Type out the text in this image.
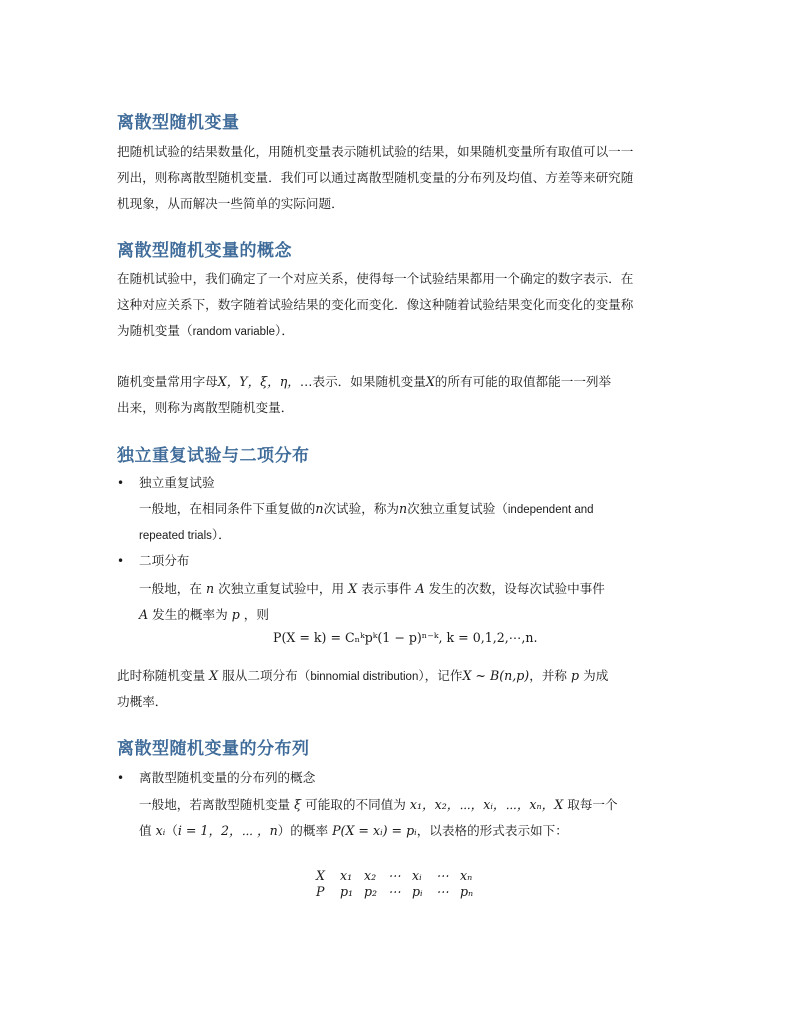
离散型随机变量

把随机试验的结果数量化，用随机变量表示随机试验的结果，如果随机变量所有取值可以一一

列出，则称离散型随机变量．我们可以通过离散型随机变量的分布列及均值、方差等来研究随

机现象，从而解决一些简单的实际问题．

离散型随机变量的概念

在随机试验中，我们确定了一个对应关系，使得每一个试验结果都用一个确定的数字表示．在

这种对应关系下，数字随着试验结果的变化而变化．像这种随着试验结果变化而变化的变量称

为随机变量（random variable）．

随机变量常用字母X，Y，ξ，η，…表示．如果随机变量X的所有可能的取值都能一一列举

出来，则称为离散型随机变量．

独立重复试验与二项分布
• 独立重复试验
一般地，在相同条件下重复做的n次试验，称为n次独立重复试验（independent and
repeated trials）．
• 二项分布
一般地，在 n 次独立重复试验中，用 X 表示事件 A 发生的次数，设每次试验中事件
A 发生的概率为 p ，则
P(X = k) = Cₙᵏpᵏ(1 − p)ⁿ⁻ᵏ, k = 0,1,2,⋯,n.

此时称随机变量 X 服从二项分布（binnomial distribution），记作X ~ B(n,p)，并称 p 为成

功概率．

离散型随机变量的分布列
• 离散型随机变量的分布列的概念
一般地，若离散型随机变量 ξ 可能取的不同值为 x₁，x₂，⋯，xᵢ，⋯，xₙ，X 取每一个
值 xᵢ（i = 1，2，⋯ ，n）的概率 P(X = xᵢ) = pᵢ，以表格的形式表示如下：
X x₁ x₂ ⋯ xᵢ ⋯ xₙ
P p₁ p₂ ⋯ pᵢ ⋯ pₙ
